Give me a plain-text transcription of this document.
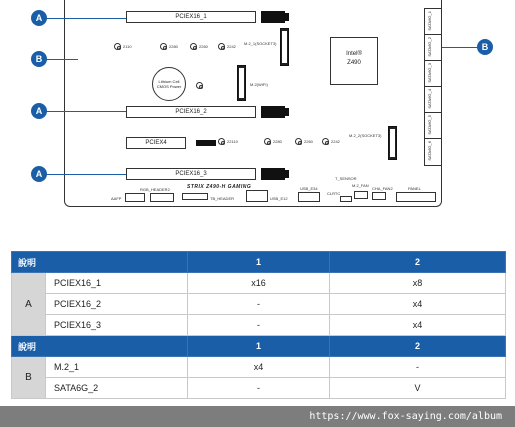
PCIEX16_1
PCIEX16_2
PCIEX4
PCIEX16_3
A
A
A
B
B
2110	2280	2260	2242
M.2_1(SOCKET3)
Lithium Cell
CMOS Power	M.2(WIFI)
Intel®
Z490
SATA6G_1
SATA6G_2
SATA6G_3
SATA6G_4
SATA6G_5
SATA6G_6
22110	2280	2260	2242
M.2_2(SOCKET3)
RGB_HEADER2
AAFP
STRIX Z490-H GAMING
TB_HEADER	USB_E12
USB_E34
T_SENSOR
M.2_FAN
CLRTC
CHA_FAN2	PANEL
說明		1	2
A	PCIEX16_1	x16	x8
	PCIEX16_2	-	x4
	PCIEX16_3	-	x4
說明		1	2
B	M.2_1	x4	-
	SATA6G_2	-	V
https://www.fox-saying.com/album
